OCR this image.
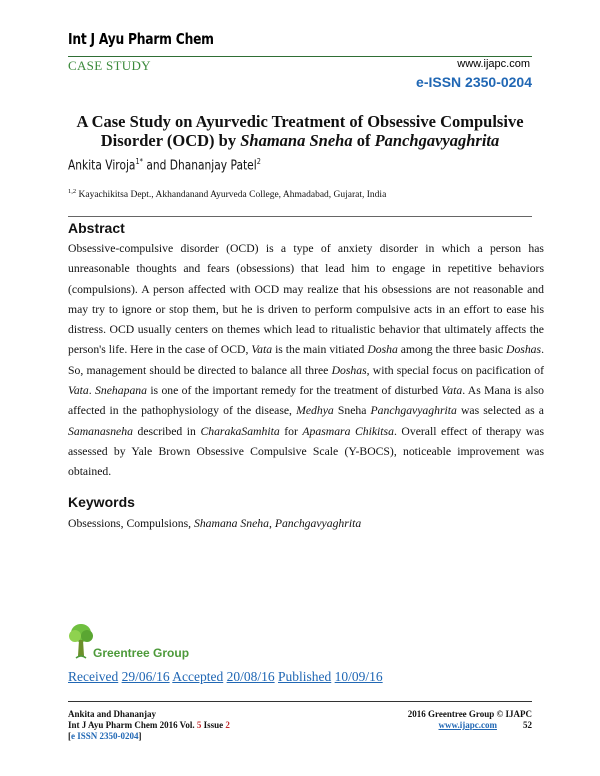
Int J Ayu Pharm Chem
CASE STUDY	www.ijapc.com
e-ISSN 2350-0204
A Case Study on Ayurvedic Treatment of Obsessive Compulsive
Disorder (OCD) by Shamana Sneha of Panchgavyaghrita
Ankita Viroja$^{1*}$ and Dhananjay Patel$^2$
$^{1,2}$ Kayachikitsa Dept., Akhandanand Ayurveda College, Ahmadabad, Gujarat, India
Abstract
Obsessive-compulsive disorder (OCD) is a type of anxiety disorder in which a person has unreasonable thoughts and fears (obsessions) that lead him to engage in repetitive behaviors (compulsions). A person affected with OCD may realize that his obsessions are not reasonable and may try to ignore or stop them, but he is driven to perform compulsive acts in an effort to ease his distress. OCD usually centers on themes which lead to ritualistic behavior that ultimately affects the person's life. Here in the case of OCD, Vata is the main vitiated Dosha among the three basic Doshas. So, management should be directed to balance all three Doshas, with special focus on pacification of Vata. Snehapana is one of the important remedy for the treatment of disturbed Vata. As Mana is also affected in the pathophysiology of the disease, Medhya Sneha Panchgavyaghrita was selected as a Samanasneha described in CharakaSamhita for Apasmara Chikitsa. Overall effect of therapy was assessed by Yale Brown Obsessive Compulsive Scale (Y-BOCS), noticeable improvement was obtained.
Keywords
Obsessions, Compulsions, Shamana Sneha, Panchgavyaghrita
Greentree Group
Received 29/06/16 Accepted 20/08/16 Published 10/09/16
Ankita and Dhananjay
Int J Ayu Pharm Chem 2016 Vol. 5 Issue 2
[e ISSN 2350-0204]
2016 Greentree Group © IJAPC
www.ijapc.com	52
